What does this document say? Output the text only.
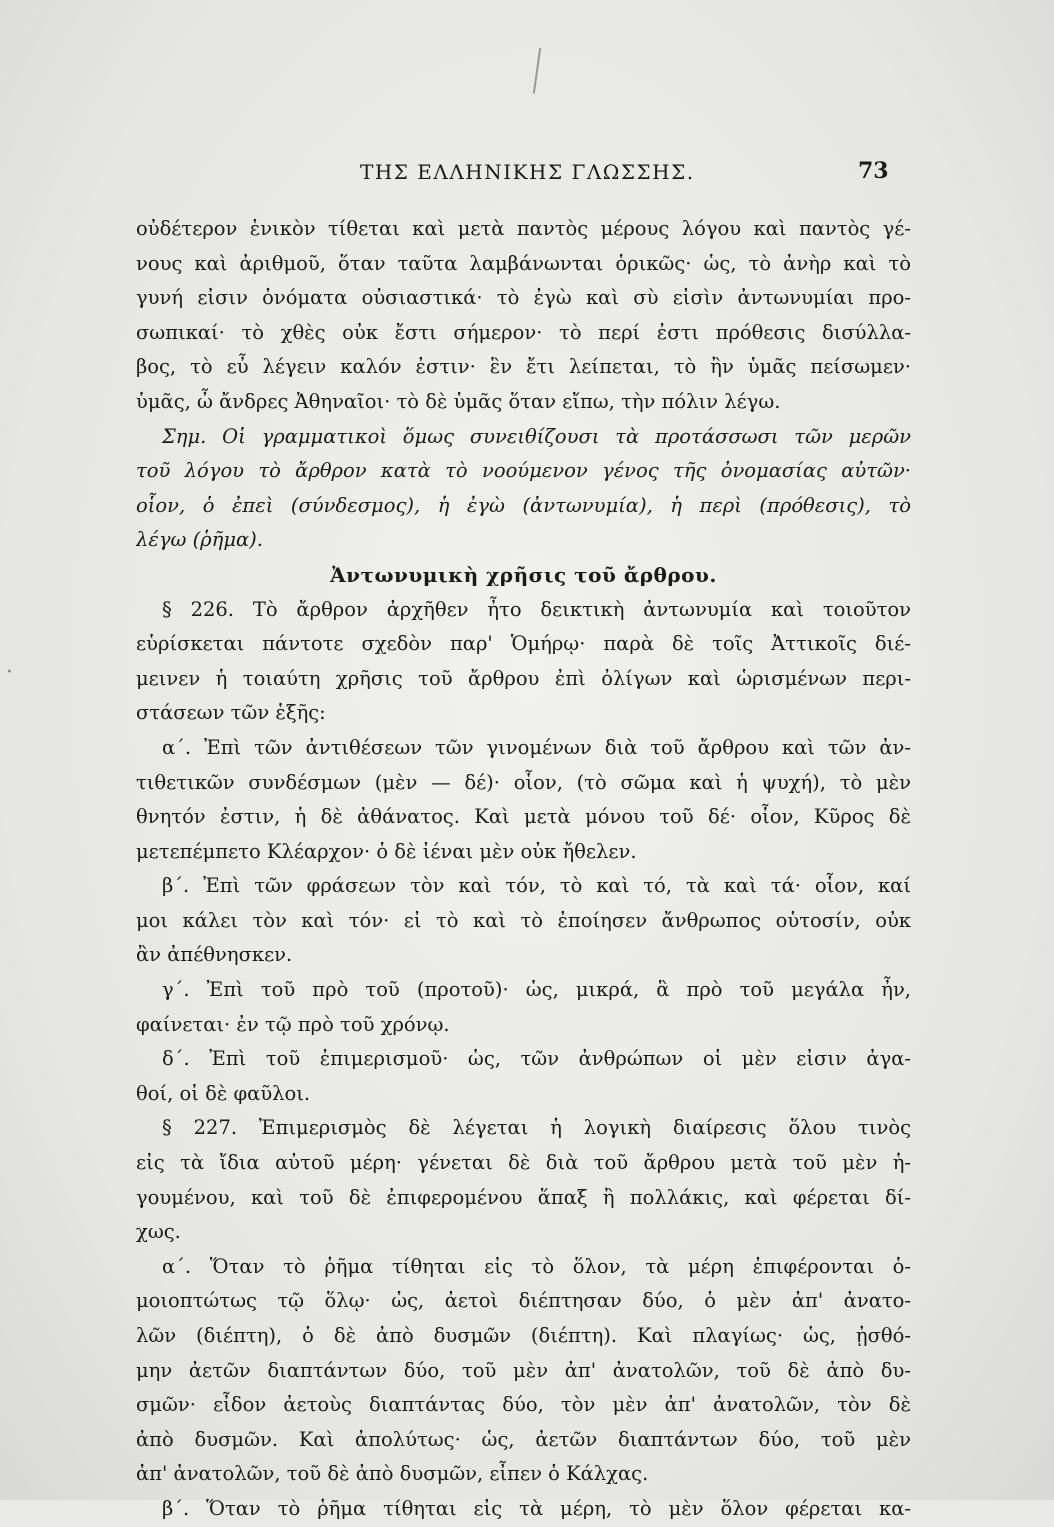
·
ΤΗΣ ΕΛΛΗΝΙΚΗΣ ΓΛΩΣΣΗΣ.	73
οὐδέτερον ἑνικὸν τίθεται καὶ μετὰ παντὸς μέρους λόγου καὶ παντὸς γέ-
νους καὶ ἀριθμοῦ, ὅταν ταῦτα λαμβάνωνται ὁρικῶς· ὡς, τὸ ἀνὴρ καὶ τὸ
γυνή εἰσιν ὀνόματα οὐσιαστικά· τὸ ἐγὼ καὶ σὺ εἰσὶν ἀντωνυμίαι προ-
σωπικαί· τὸ χθὲς οὐκ ἔστι σήμερον· τὸ περί ἐστι πρόθεσις δισύλλα-
βος, τὸ εὖ λέγειν καλόν ἐστιν· ἓν ἔτι λείπεται, τὸ ἢν ὑμᾶς πείσωμεν·
ὑμᾶς, ὦ ἄνδρες Ἀθηναῖοι· τὸ δὲ ὑμᾶς ὅταν εἴπω, τὴν πόλιν λέγω.
Σημ. Οἱ γραμματικοὶ ὅμως συνειθίζουσι τὰ προτάσσωσι τῶν μερῶν
τοῦ λόγου τὸ ἄρθρον κατὰ τὸ νοούμενον γένος τῆς ὀνομασίας αὐτῶν·
οἷον, ὁ ἐπεὶ (σύνδεσμος), ἡ ἐγὼ (ἀντωνυμία), ἡ περὶ (πρόθεσις), τὸ
λέγω (ῥῆμα).
Ἀντωνυμικὴ χρῆσις τοῦ ἄρθρου.
§ 226. Τὸ ἄρθρον ἀρχῆθεν ἦτο δεικτικὴ ἀντωνυμία καὶ τοιοῦτον
εὑρίσκεται πάντοτε σχεδὸν παρ' Ὁμήρῳ· παρὰ δὲ τοῖς Ἀττικοῖς διέ-
μεινεν ἡ τοιαύτη χρῆσις τοῦ ἄρθρου ἐπὶ ὀλίγων καὶ ὡρισμένων περι-
στάσεων τῶν ἑξῆς:
α΄. Ἐπὶ τῶν ἀντιθέσεων τῶν γινομένων διὰ τοῦ ἄρθρου καὶ τῶν ἀν-
τιθετικῶν συνδέσμων (μὲν — δέ)· οἷον, (τὸ σῶμα καὶ ἡ ψυχή), τὸ μὲν
θνητόν ἐστιν, ἡ δὲ ἀθάνατος. Καὶ μετὰ μόνου τοῦ δέ· οἷον, Κῦρος δὲ
μετεπέμπετο Κλέαρχον· ὁ δὲ ἰέναι μὲν οὐκ ἤθελεν.
β΄. Ἐπὶ τῶν φράσεων τὸν καὶ τόν, τὸ καὶ τό, τὰ καὶ τά· οἷον, καί
μοι κάλει τὸν καὶ τόν· εἰ τὸ καὶ τὸ ἐποίησεν ἄνθρωπος οὑτοσίν, οὐκ
ἂν ἀπέθνησκεν.
γ΄. Ἐπὶ τοῦ πρὸ τοῦ (προτοῦ)· ὡς, μικρά, ἃ πρὸ τοῦ μεγάλα ἦν,
φαίνεται· ἐν τῷ πρὸ τοῦ χρόνῳ.
δ΄. Ἐπὶ τοῦ ἐπιμερισμοῦ· ὡς, τῶν ἀνθρώπων οἱ μὲν εἰσιν ἀγα-
θοί, οἱ δὲ φαῦλοι.
§ 227. Ἐπιμερισμὸς δὲ λέγεται ἡ λογικὴ διαίρεσις ὅλου τινὸς
εἰς τὰ ἴδια αὐτοῦ μέρη· γένεται δὲ διὰ τοῦ ἄρθρου μετὰ τοῦ μὲν ἡ-
γουμένου, καὶ τοῦ δὲ ἐπιφερομένου ἅπαξ ἢ πολλάκις, καὶ φέρεται δί-
χως.
α΄. Ὅταν τὸ ῥῆμα τίθηται εἰς τὸ ὅλον, τὰ μέρη ἐπιφέρονται ὁ-
μοιοπτώτως τῷ ὅλῳ· ὡς, ἀετοὶ διέπτησαν δύο, ὁ μὲν ἀπ' ἀνατο-
λῶν (διέπτη), ὁ δὲ ἀπὸ δυσμῶν (διέπτη). Καὶ πλαγίως· ὡς, ᾐσθό-
μην ἀετῶν διαπτάντων δύο, τοῦ μὲν ἀπ' ἀνατολῶν, τοῦ δὲ ἀπὸ δυ-
σμῶν· εἶδον ἀετοὺς διαπτάντας δύο, τὸν μὲν ἀπ' ἀνατολῶν, τὸν δὲ
ἀπὸ δυσμῶν. Καὶ ἀπολύτως· ὡς, ἀετῶν διαπτάντων δύο, τοῦ μὲν
ἀπ' ἀνατολῶν, τοῦ δὲ ἀπὸ δυσμῶν, εἶπεν ὁ Κάλχας.
β΄. Ὅταν τὸ ῥῆμα τίθηται εἰς τὰ μέρη, τὸ μὲν ὅλον φέρεται κα-
